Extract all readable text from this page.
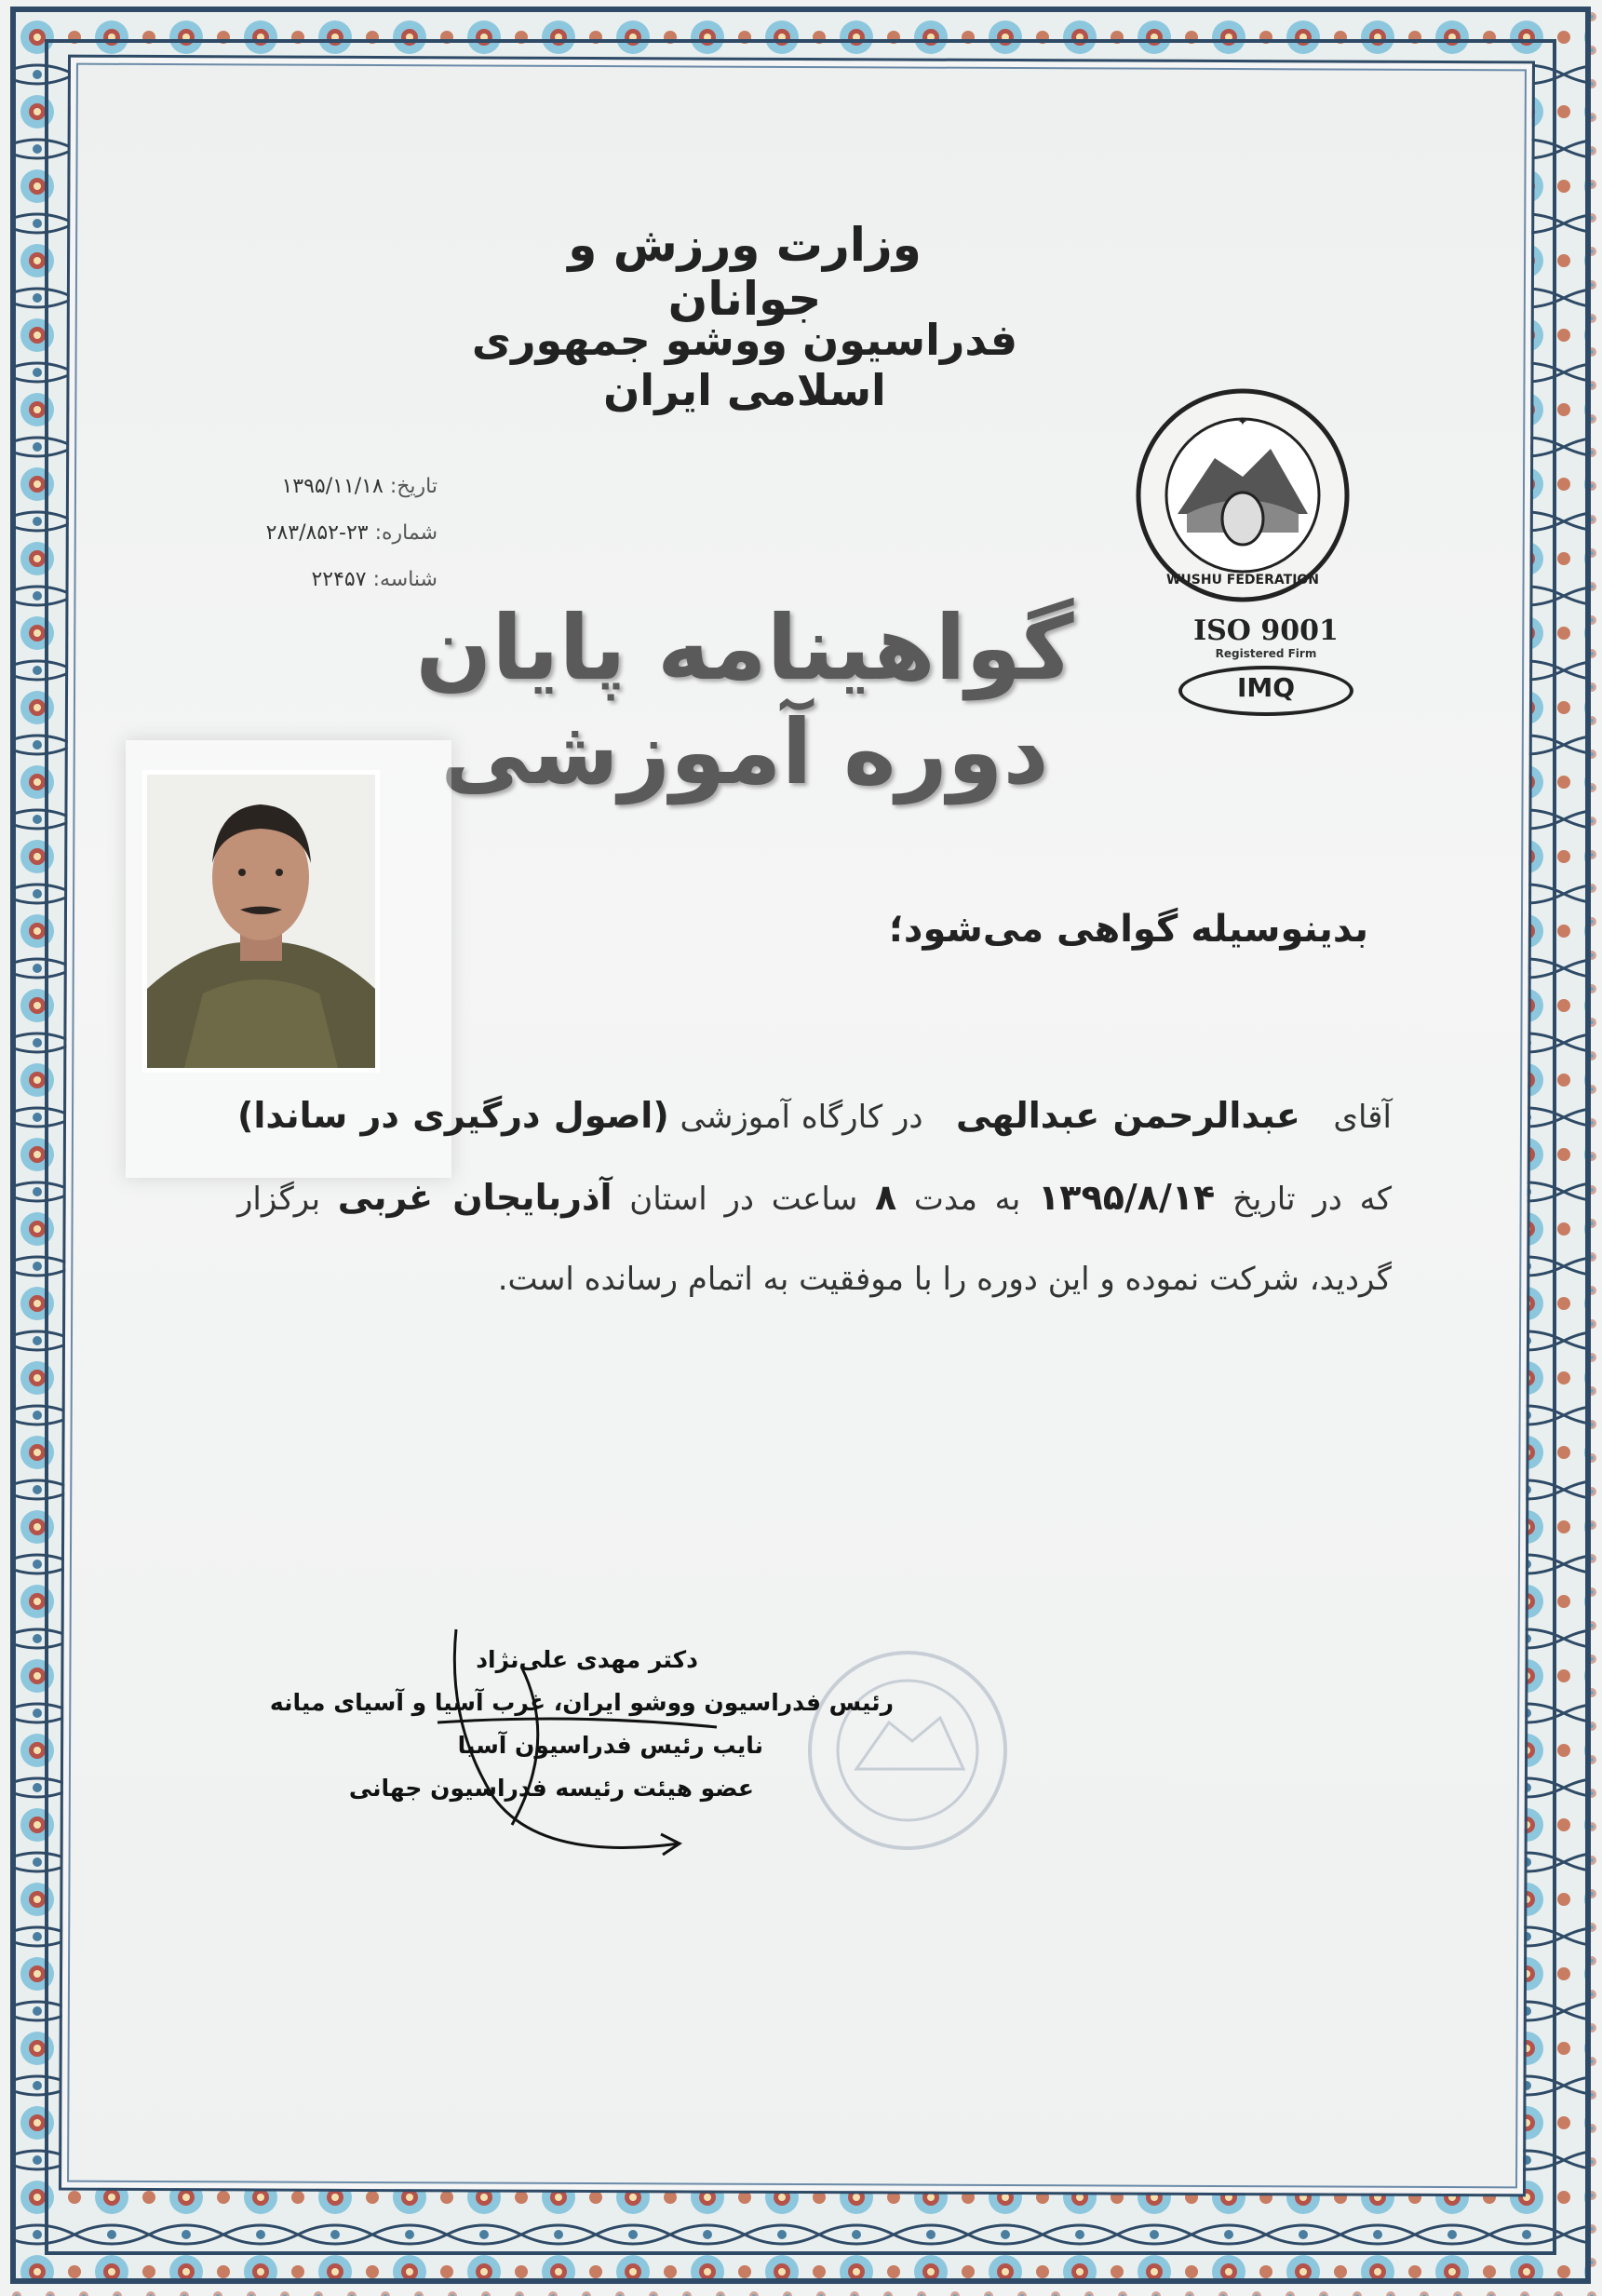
وزارت ورزش و جوانان
فدراسیون ووشو جمهوری اسلامی ایران
تاریخ: ۱۳۹۵/۱۱/۱۸
شماره: ۲۳-۲۸۳/۸۵۲
شناسه: ۲۲۴۵۷
✦
WUSHU FEDERATION
ISO 9001
Registered Firm
IMQ
گواهینامه پایان دوره آموزشی
بدینوسیله گواهی می‌شود؛
آقای   عبدالرحمن عبدالهی   در کارگاه آموزشی (اصول درگیری در ساندا) که در تاریخ ۱۳۹۵/۸/۱۴ به مدت ۸ ساعت در استان آذربایجان غربی برگزار گردید، شرکت نموده و این دوره را با موفقیت به اتمام رسانده است.
دکتر مهدی علی‌نژاد
رئیس فدراسیون ووشو ایران، غرب آسیا و آسیای میانه
نایب رئیس فدراسیون آسیا
عضو هیئت رئیسه فدراسیون جهانی
